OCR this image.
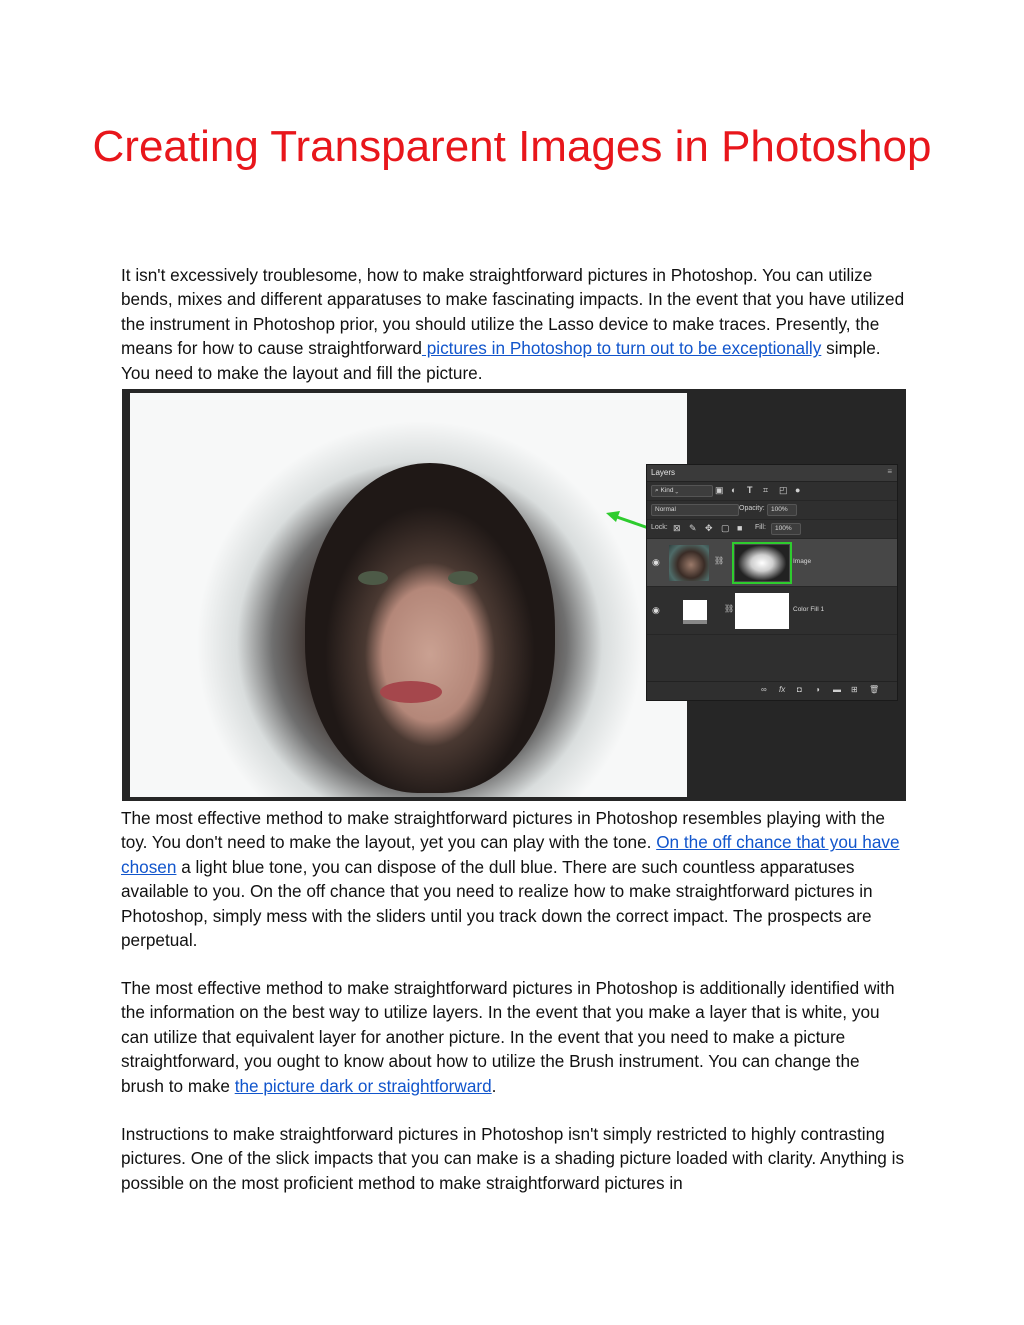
Creating Transparent Images in Photoshop

It isn't excessively troublesome, how to make straightforward pictures in Photoshop. You can utilize bends, mixes and different apparatuses to make fascinating impacts. In the event that you have utilized the instrument in Photoshop prior, you should utilize the Lasso device to make traces. Presently, the means for how to cause straightforward pictures in Photoshop to turn out to be exceptionally simple. You need to make the layout and fill the picture.

Layers	≡
⌕ Kind ⌄	▣ ◐ T ⌗ ◰ ●
Normal	Opacity: 100%
Lock: ⊠ ✎ ✥ ▢ ■ Fill:	100%
◉	⛓	Image
◉	⛓	Color Fill 1
∞ fx ◘ ◑ ▬ ⊞ 🗑

The most effective method to make straightforward pictures in Photoshop resembles playing with the toy. You don't need to make the layout, yet you can play with the tone. On the off chance that you have chosen a light blue tone, you can dispose of the dull blue. There are such countless apparatuses available to you. On the off chance that you need to realize how to make straightforward pictures in Photoshop, simply mess with the sliders until you track down the correct impact. The prospects are perpetual.

The most effective method to make straightforward pictures in Photoshop is additionally identified with the information on the best way to utilize layers. In the event that you make a layer that is white, you can utilize that equivalent layer for another picture. In the event that you need to make a picture straightforward, you ought to know about how to utilize the Brush instrument. You can change the brush to make the picture dark or straightforward.

Instructions to make straightforward pictures in Photoshop isn't simply restricted to highly contrasting pictures. One of the slick impacts that you can make is a shading picture loaded with clarity. Anything is possible on the most proficient method to make straightforward pictures in
